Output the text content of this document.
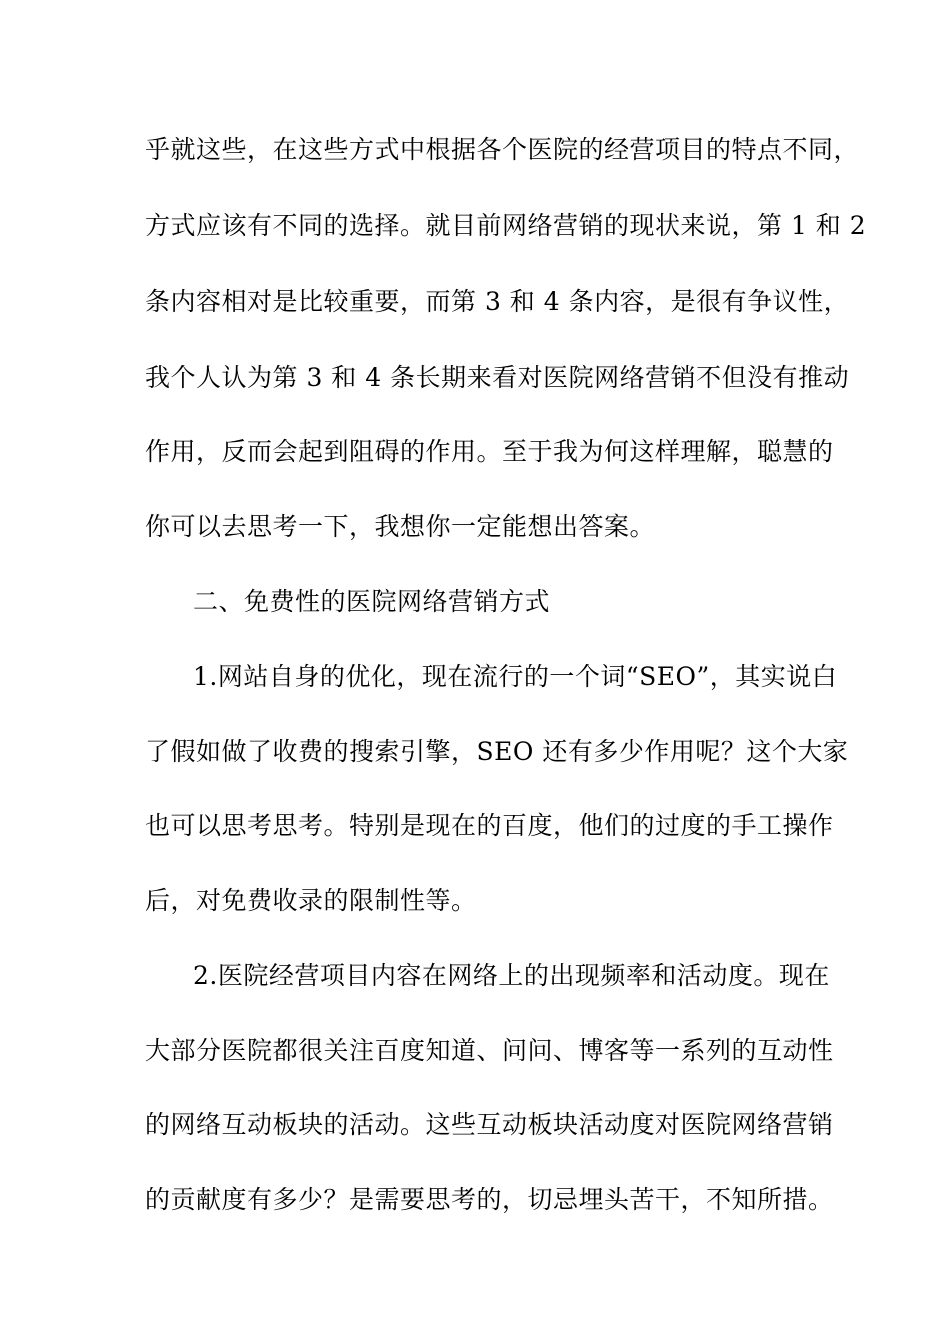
乎就这些，在这些方式中根据各个医院的经营项目的特点不同，
方式应该有不同的选择。就目前网络营销的现状来说，第 1 和 2
条内容相对是比较重要，而第 3 和 4 条内容，是很有争议性，
我个人认为第 3 和 4 条长期来看对医院网络营销不但没有推动
作用，反而会起到阻碍的作用。至于我为何这样理解，聪慧的
你可以去思考一下，我想你一定能想出答案。
二、免费性的医院网络营销方式
1.网站自身的优化，现在流行的一个词“SEO”，其实说白
了假如做了收费的搜索引擎，SEO 还有多少作用呢？这个大家
也可以思考思考。特别是现在的百度，他们的过度的手工操作
后，对免费收录的限制性等。
2.医院经营项目内容在网络上的出现频率和活动度。现在
大部分医院都很关注百度知道、问问、博客等一系列的互动性
的网络互动板块的活动。这些互动板块活动度对医院网络营销
的贡献度有多少？是需要思考的，切忌埋头苦干，不知所措。
